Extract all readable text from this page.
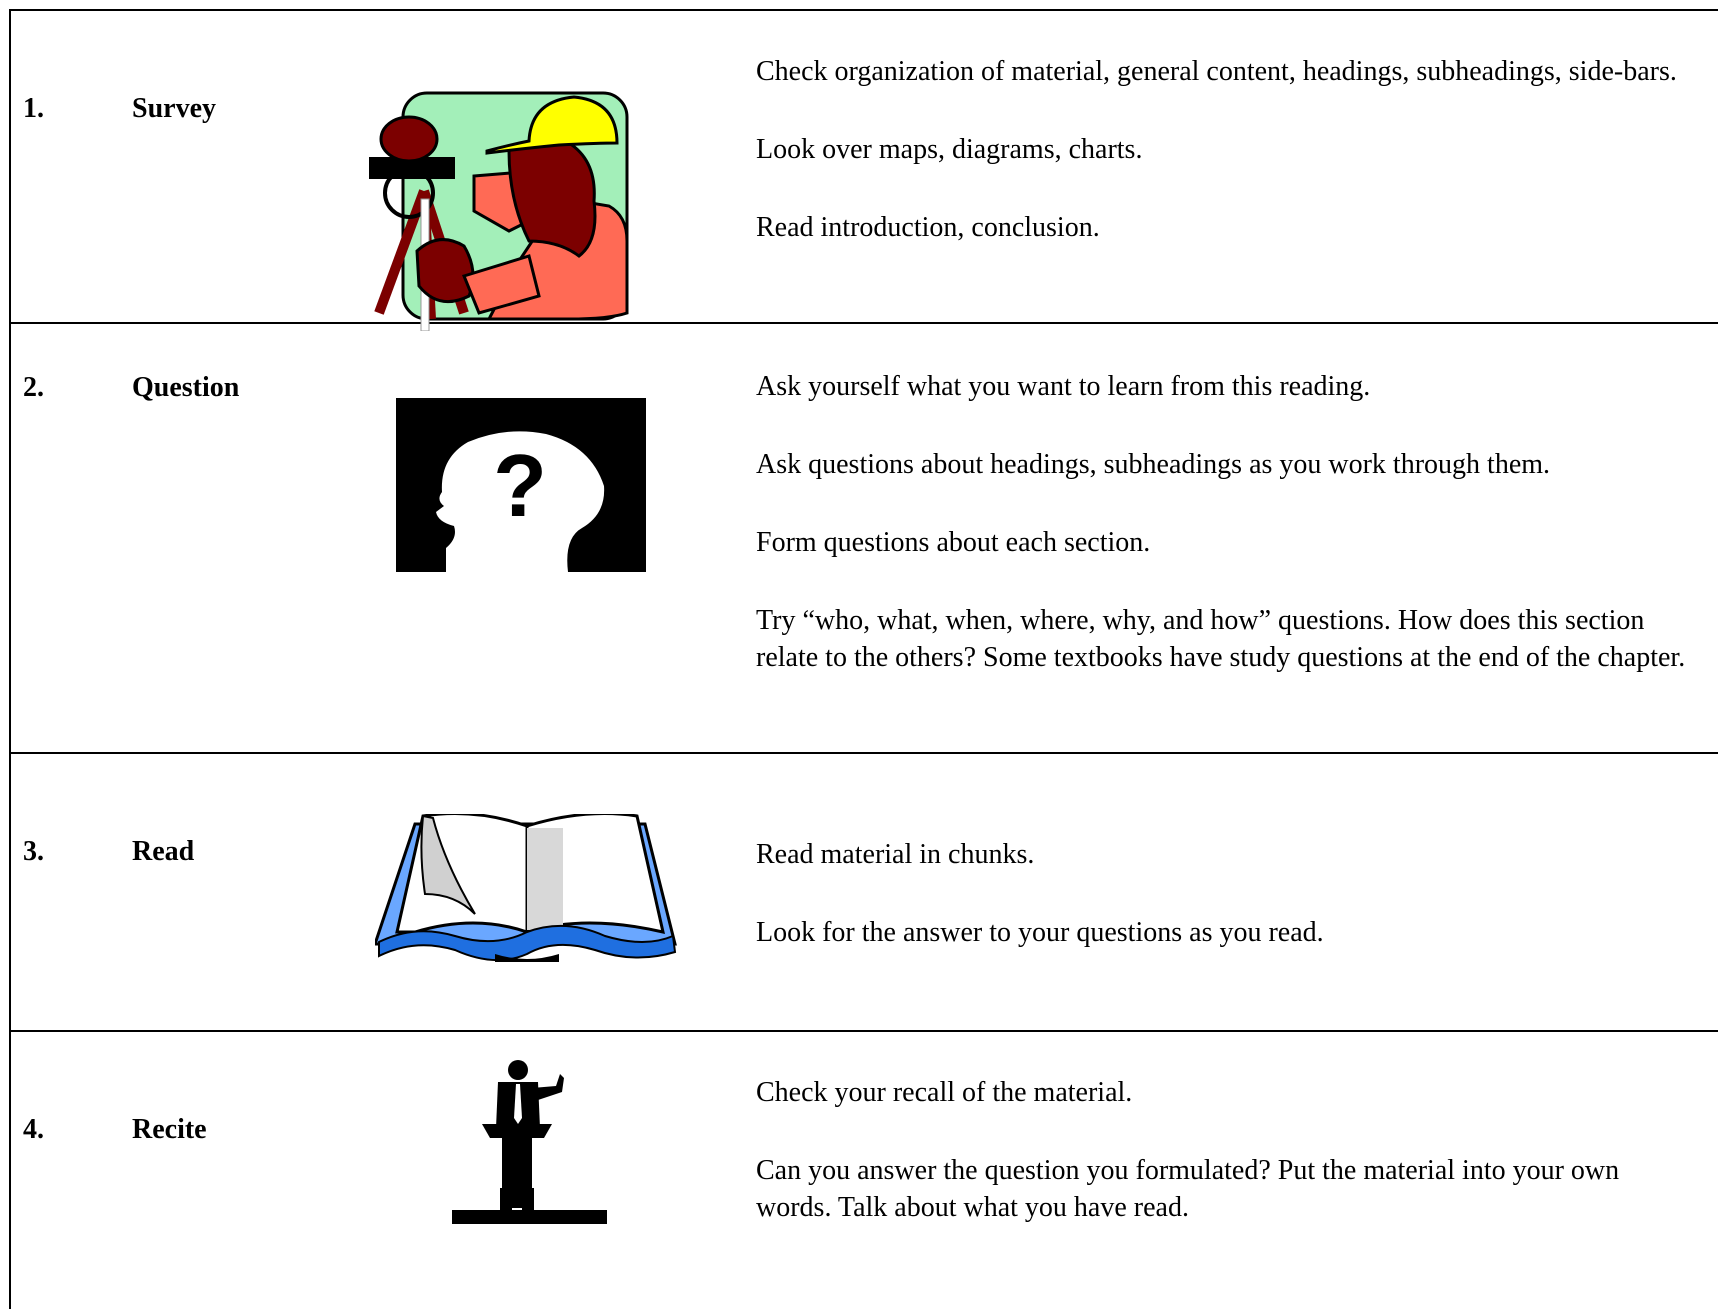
1.	Survey

Check organization of material, general content, headings, subheadings, side-bars.

Look over maps, diagrams, charts.

Read introduction, conclusion.

2.	Question
?

Ask yourself what you want to learn from this reading.

Ask questions about headings, subheadings as you work through them.

Form questions about each section.

Try “who, what, when, where, why, and how” questions. How does this section relate to the others? Some textbooks have study questions at the end of the chapter.

3.	Read	Read material in chunks.

Look for the answer to your questions as you read.

4.	Recite

Check your recall of the material.

Can you answer the question you formulated? Put the material into your own words. Talk about what you have read.
